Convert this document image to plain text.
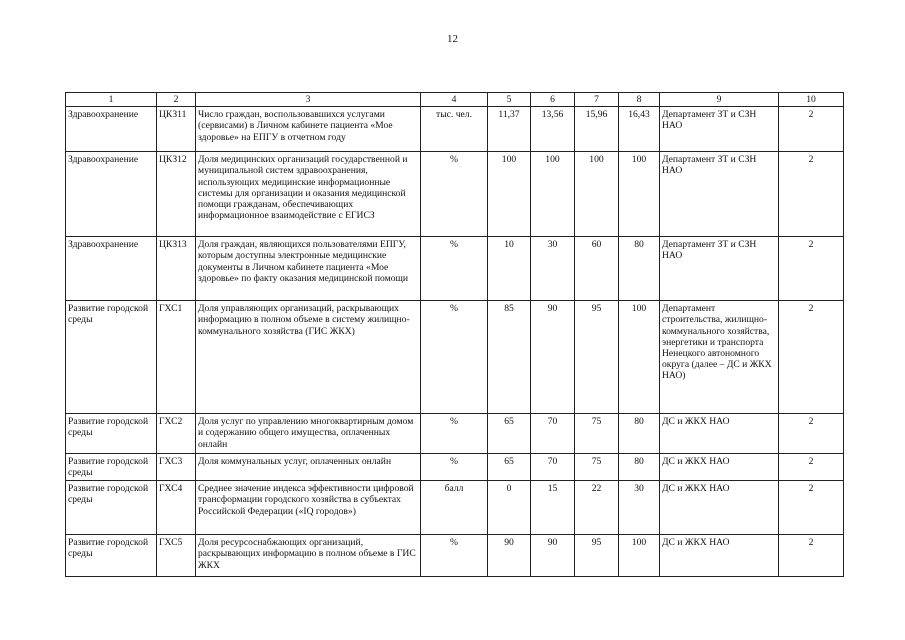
12
1	2	3	4	5	6	7	8	9	10
Здравоохранение	ЦКЗ11	Число граждан, воспользовавшихся услугами (сервисами) в Личном кабинете пациента «Мое здоровье» на ЕПГУ в отчетном году	тыс. чел.	11,37	13,56	15,96	16,43	Департамент ЗТ и СЗН НАО	2
Здравоохранение	ЦКЗ12	Доля медицинских организаций государственной и муниципальной систем здравоохранения, использующих медицинские информационные системы для организации и оказания медицинской помощи гражданам, обеспечивающих информационное взаимодействие с ЕГИСЗ	%	100	100	100	100	Департамент ЗТ и СЗН НАО	2
Здравоохранение	ЦКЗ13	Доля граждан, являющихся пользователями ЕПГУ, которым доступны электронные медицинские документы в Личном кабинете пациента «Мое здоровье» по факту оказания медицинской помощи	%	10	30	60	80	Департамент ЗТ и СЗН НАО	2
Развитие городской среды	ГХС1	Доля управляющих организаций, раскрывающих информацию в полном объеме в систему жилищно-коммунального хозяйства (ГИС ЖКХ)	%	85	90	95	100	Департамент строительства, жилищно-коммунального хозяйства, энергетики и транспорта Ненецкого автономного округа (далее – ДС и ЖКХ НАО)	2
Развитие городской среды	ГХС2	Доля услуг по управлению многоквартирным домом и содержанию общего имущества, оплаченных онлайн	%	65	70	75	80	ДС и ЖКХ НАО	2
Развитие городской среды	ГХС3	Доля коммунальных услуг, оплаченных онлайн	%	65	70	75	80	ДС и ЖКХ НАО	2
Развитие городской среды	ГХС4	Среднее значение индекса эффективности цифровой трансформации городского хозяйства в субъектах Российской Федерации («IQ городов»)	балл	0	15	22	30	ДС и ЖКХ НАО	2
Развитие городской среды	ГХС5	Доля ресурсоснабжающих организаций, раскрывающих информацию в полном объеме в ГИС ЖКХ	%	90	90	95	100	ДС и ЖКХ НАО	2
